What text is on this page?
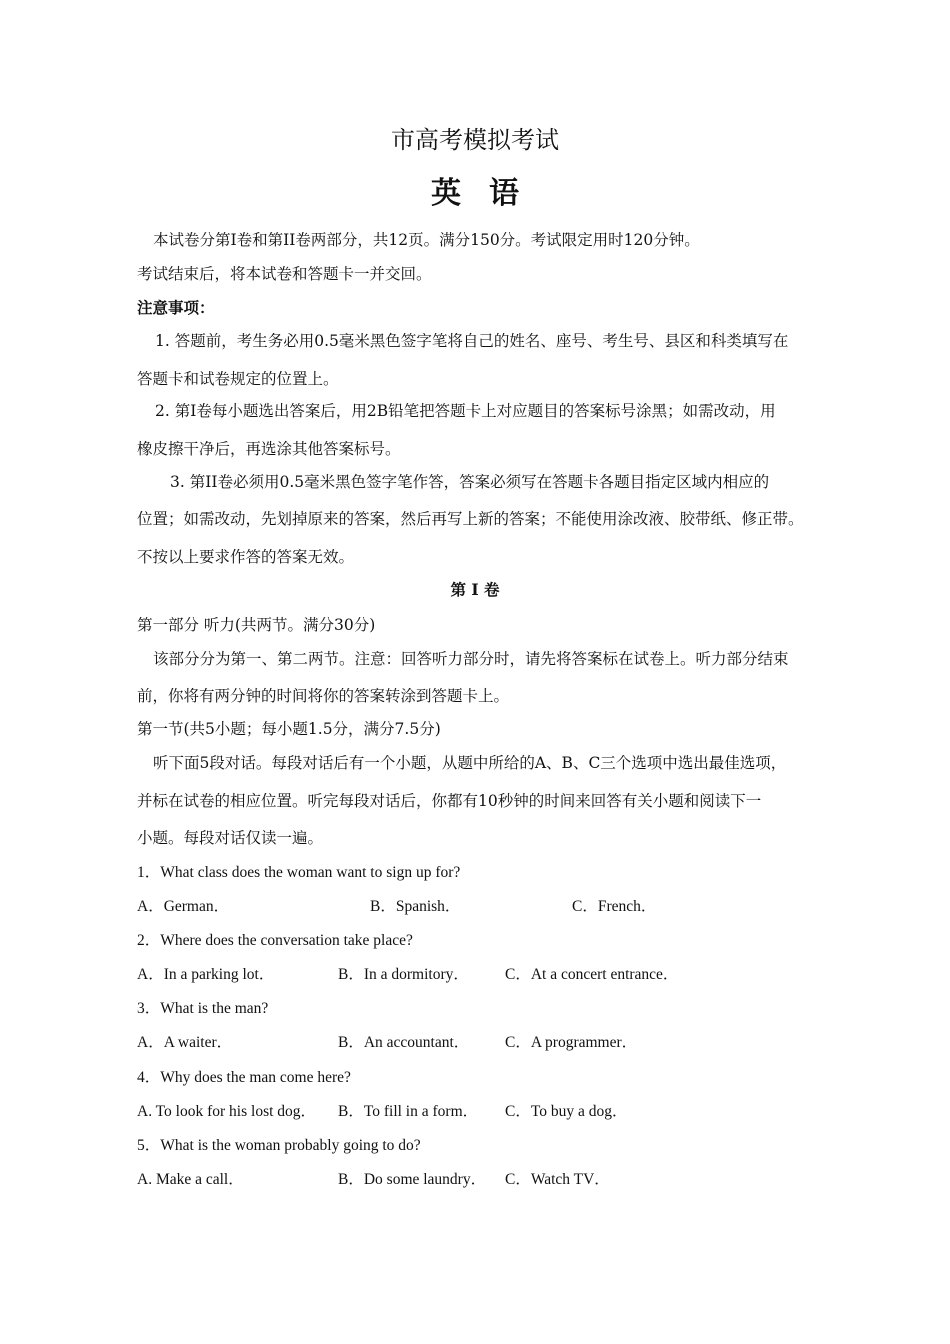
市高考模拟考试
英语
本试卷分第I卷和第II卷两部分，共12页。满分150分。考试限定用时120分钟。
考试结束后，将本试卷和答题卡一并交回。
注意事项：
1. 答题前，考生务必用0.5毫米黑色签字笔将自己的姓名、座号、考生号、县区和科类填写在
答题卡和试卷规定的位置上。
2. 第I卷每小题选出答案后，用2B铅笔把答题卡上对应题目的答案标号涂黑；如需改动，用
橡皮擦干净后，再选涂其他答案标号。
3. 第II卷必须用0.5毫米黑色签字笔作答，答案必须写在答题卡各题目指定区域内相应的
位置；如需改动，先划掉原来的答案，然后再写上新的答案；不能使用涂改液、胶带纸、修正带。
不按以上要求作答的答案无效。
第 I 卷
第一部分 听力(共两节。满分30分)
该部分分为第一、第二两节。注意：回答听力部分时，请先将答案标在试卷上。听力部分结束
前，你将有两分钟的时间将你的答案转涂到答题卡上。
第一节(共5小题；每小题1.5分，满分7.5分)
听下面5段对话。每段对话后有一个小题，从题中所给的A、B、C三个选项中选出最佳选项，
并标在试卷的相应位置。听完每段对话后，你都有10秒钟的时间来回答有关小题和阅读下一
小题。每段对话仅读一遍。
1．What class does the woman want to sign up for?
A．German．	B．Spanish．	C．French．
2．Where does the conversation take place?
A．In a parking lot．	B．In a dormitory． C．At a concert entrance．
3．What is the man?
A．A waiter．	B．An accountant． C．A programmer．
4．Why does the man come here?
A. To look for his lost dog． B．To fill in a form． C．To buy a dog．
5．What is the woman probably going to do?
A. Make a call．	B．Do some laundry． C．Watch TV．
